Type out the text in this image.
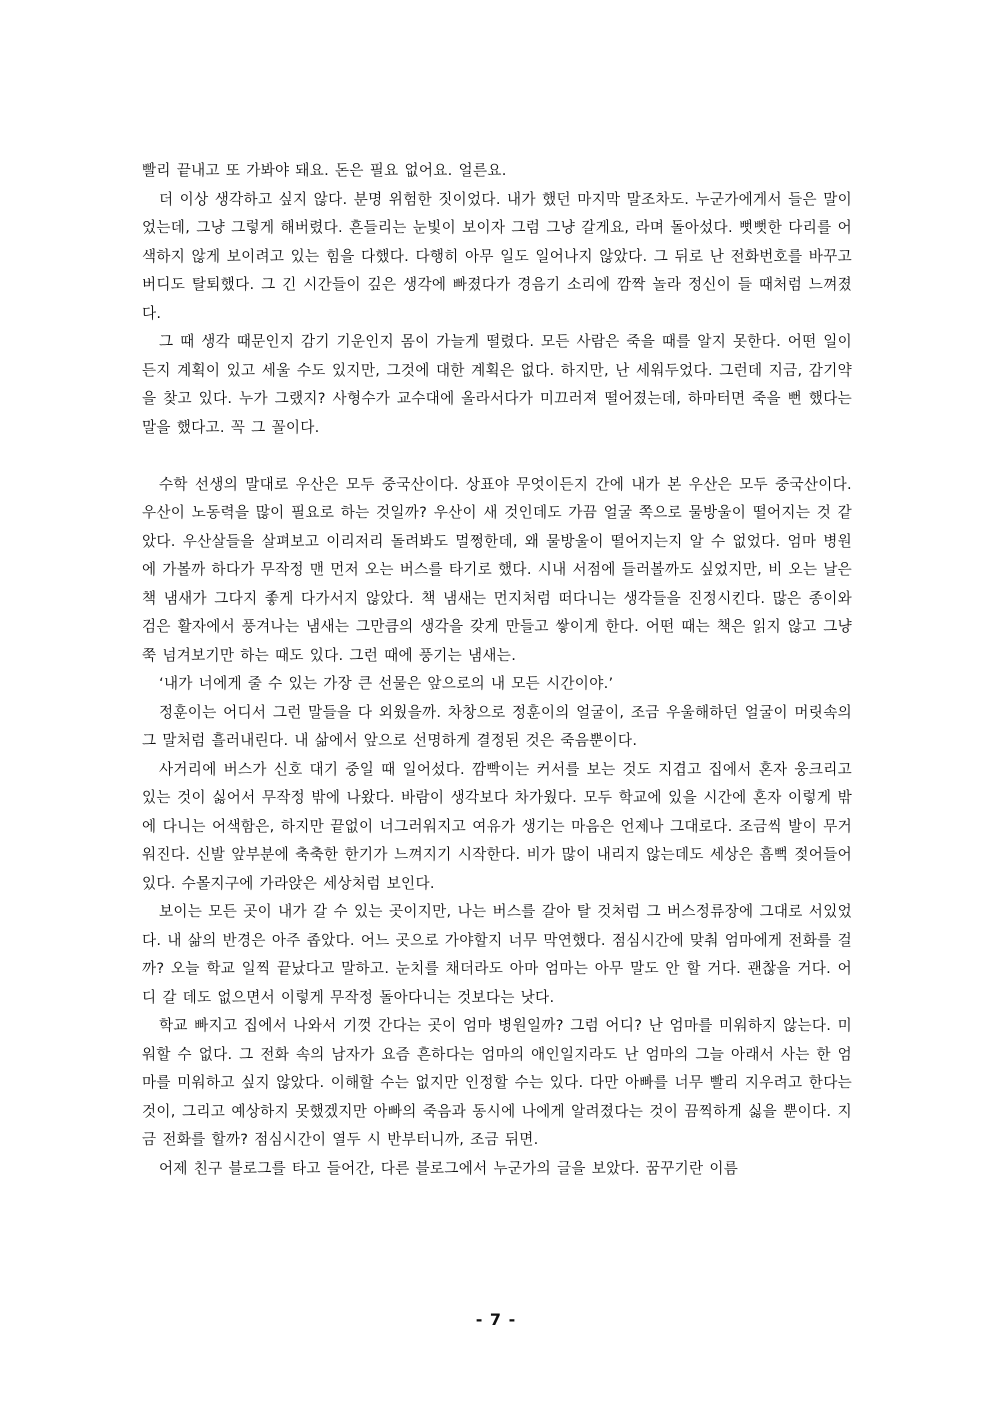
빨리 끝내고 또 가봐야 돼요. 돈은 필요 없어요. 얼른요.

더 이상 생각하고 싶지 않다. 분명 위험한 짓이었다. 내가 했던 마지막 말조차도. 누군가에게서 들은 말이었는데, 그냥 그렇게 해버렸다. 흔들리는 눈빛이 보이자 그럼 그냥 갈게요, 라며 돌아섰다. 뻣뻣한 다리를 어색하지 않게 보이려고 있는 힘을 다했다. 다행히 아무 일도 일어나지 않았다. 그 뒤로 난 전화번호를 바꾸고 버디도 탈퇴했다. 그 긴 시간들이 깊은 생각에 빠졌다가 경음기 소리에 깜짝 놀라 정신이 들 때처럼 느껴졌다.

그 때 생각 때문인지 감기 기운인지 몸이 가늘게 떨렸다. 모든 사람은 죽을 때를 알지 못한다. 어떤 일이든지 계획이 있고 세울 수도 있지만, 그것에 대한 계획은 없다. 하지만, 난 세워두었다. 그런데 지금, 감기약을 찾고 있다. 누가 그랬지? 사형수가 교수대에 올라서다가 미끄러져 떨어졌는데, 하마터면 죽을 뻔 했다는 말을 했다고. 꼭 그 꼴이다.

수학 선생의 말대로 우산은 모두 중국산이다. 상표야 무엇이든지 간에 내가 본 우산은 모두 중국산이다. 우산이 노동력을 많이 필요로 하는 것일까? 우산이 새 것인데도 가끔 얼굴 쪽으로 물방울이 떨어지는 것 같았다. 우산살들을 살펴보고 이리저리 돌려봐도 멀쩡한데, 왜 물방울이 떨어지는지 알 수 없었다. 엄마 병원에 가볼까 하다가 무작정 맨 먼저 오는 버스를 타기로 했다. 시내 서점에 들러볼까도 싶었지만, 비 오는 날은 책 냄새가 그다지 좋게 다가서지 않았다. 책 냄새는 먼지처럼 떠다니는 생각들을 진정시킨다. 많은 종이와 검은 활자에서 풍겨나는 냄새는 그만큼의 생각을 갖게 만들고 쌓이게 한다. 어떤 때는 책은 읽지 않고 그냥 쭉 넘겨보기만 하는 때도 있다. 그런 때에 풍기는 냄새는.

‘내가 너에게 줄 수 있는 가장 큰 선물은 앞으로의 내 모든 시간이야.’

정훈이는 어디서 그런 말들을 다 외웠을까. 차창으로 정훈이의 얼굴이, 조금 우울해하던 얼굴이 머릿속의 그 말처럼 흘러내린다. 내 삶에서 앞으로 선명하게 결정된 것은 죽음뿐이다.

사거리에 버스가 신호 대기 중일 때 일어섰다. 깜빡이는 커서를 보는 것도 지겹고 집에서 혼자 웅크리고 있는 것이 싫어서 무작정 밖에 나왔다. 바람이 생각보다 차가웠다. 모두 학교에 있을 시간에 혼자 이렇게 밖에 다니는 어색함은, 하지만 끝없이 너그러워지고 여유가 생기는 마음은 언제나 그대로다. 조금씩 발이 무거워진다. 신발 앞부분에 축축한 한기가 느껴지기 시작한다. 비가 많이 내리지 않는데도 세상은 흠뻑 젖어들어 있다. 수몰지구에 가라앉은 세상처럼 보인다.

보이는 모든 곳이 내가 갈 수 있는 곳이지만, 나는 버스를 갈아 탈 것처럼 그 버스정류장에 그대로 서있었다. 내 삶의 반경은 아주 좁았다. 어느 곳으로 가야할지 너무 막연했다. 점심시간에 맞춰 엄마에게 전화를 걸까? 오늘 학교 일찍 끝났다고 말하고. 눈치를 채더라도 아마 엄마는 아무 말도 안 할 거다. 괜찮을 거다. 어디 갈 데도 없으면서 이렇게 무작정 돌아다니는 것보다는 낫다.

학교 빠지고 집에서 나와서 기껏 간다는 곳이 엄마 병원일까? 그럼 어디? 난 엄마를 미워하지 않는다. 미워할 수 없다. 그 전화 속의 남자가 요즘 흔하다는 엄마의 애인일지라도 난 엄마의 그늘 아래서 사는 한 엄마를 미워하고 싶지 않았다. 이해할 수는 없지만 인정할 수는 있다. 다만 아빠를 너무 빨리 지우려고 한다는 것이, 그리고 예상하지 못했겠지만 아빠의 죽음과 동시에 나에게 알려졌다는 것이 끔찍하게 싫을 뿐이다. 지금 전화를 할까? 점심시간이 열두 시 반부터니까, 조금 뒤면.

어제 친구 블로그를 타고 들어간, 다른 블로그에서 누군가의 글을 보았다. 꿈꾸기란 이름

- 7 -
